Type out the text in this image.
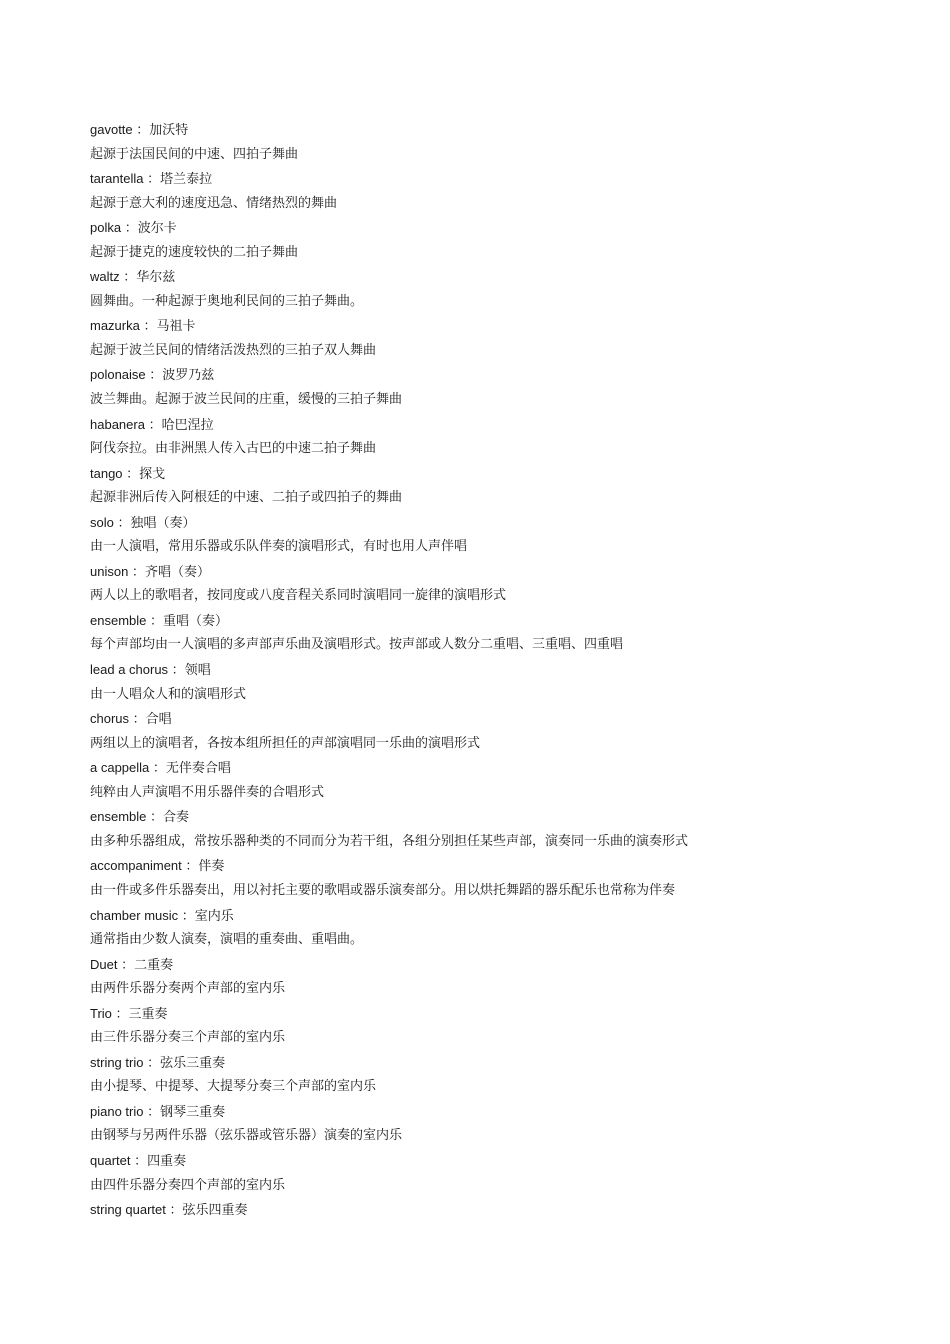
gavotte ：加沃特
起源于法国民间的中速、四拍子舞曲
tarantella ：塔兰泰拉
起源于意大利的速度迅急、情绪热烈的舞曲
polka ：波尔卡
起源于捷克的速度较快的二拍子舞曲
waltz ：华尔兹
圆舞曲。一种起源于奥地利民间的三拍子舞曲。
mazurka ：马祖卡
起源于波兰民间的情绪活泼热烈的三拍子双人舞曲
polonaise ：波罗乃兹
波兰舞曲。起源于波兰民间的庄重，缓慢的三拍子舞曲
habanera ：哈巴涅拉
阿伐奈拉。由非洲黑人传入古巴的中速二拍子舞曲
tango ：探戈
起源非洲后传入阿根廷的中速、二拍子或四拍子的舞曲
solo ：独唱（奏）
由一人演唱，常用乐器或乐队伴奏的演唱形式，有时也用人声伴唱
unison ：齐唱（奏）
两人以上的歌唱者，按同度或八度音程关系同时演唱同一旋律的演唱形式
ensemble ：重唱（奏）
每个声部均由一人演唱的多声部声乐曲及演唱形式。按声部或人数分二重唱、三重唱、四重唱
lead a chorus ：领唱
由一人唱众人和的演唱形式
chorus ：合唱
两组以上的演唱者，各按本组所担任的声部演唱同一乐曲的演唱形式
a cappella ：无伴奏合唱
纯粹由人声演唱不用乐器伴奏的合唱形式
ensemble ：合奏
由多种乐器组成，常按乐器种类的不同而分为若干组，各组分别担任某些声部，演奏同一乐曲的演奏形式
accompaniment ：伴奏
由一件或多件乐器奏出，用以衬托主要的歌唱或器乐演奏部分。用以烘托舞蹈的器乐配乐也常称为伴奏
chamber music ：室内乐
通常指由少数人演奏，演唱的重奏曲、重唱曲。
Duet ：二重奏
由两件乐器分奏两个声部的室内乐
Trio ：三重奏
由三件乐器分奏三个声部的室内乐
string trio ：弦乐三重奏
由小提琴、中提琴、大提琴分奏三个声部的室内乐
piano trio ：钢琴三重奏
由钢琴与另两件乐器（弦乐器或管乐器）演奏的室内乐
quartet ：四重奏
由四件乐器分奏四个声部的室内乐
string quartet ：弦乐四重奏
